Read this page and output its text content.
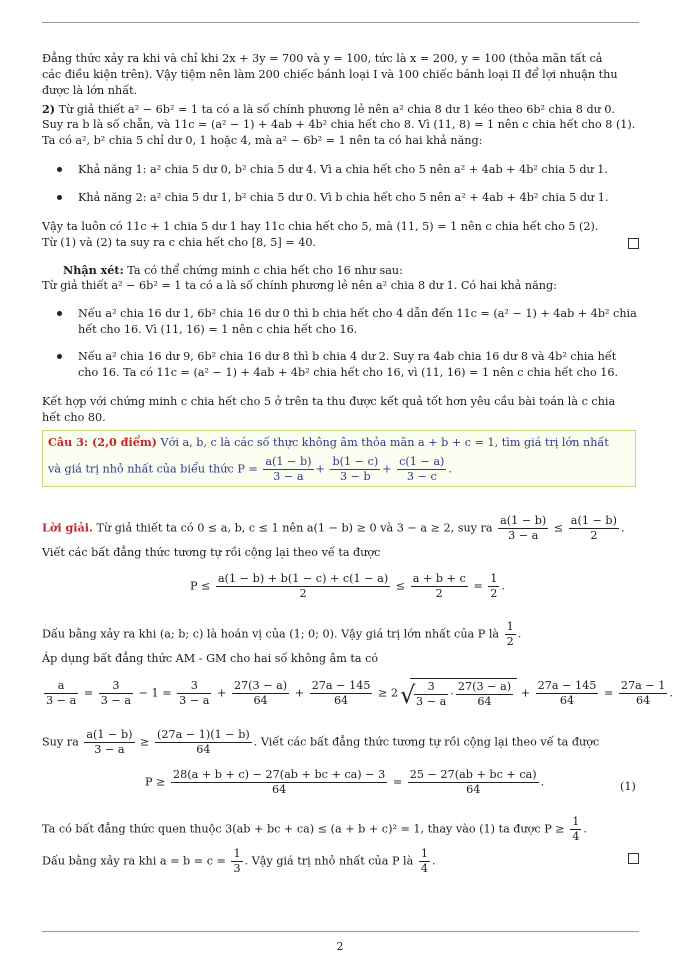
Đẳng thức xảy ra khi và chỉ khi 2x + 3y = 700 và y = 100, tức là x = 200, y = 100 (thỏa mãn tất cả
các điều kiện trên). Vậy tiệm nên làm 200 chiếc bánh loại I và 100 chiếc bánh loại II để lợi nhuận thu
được là lớn nhất.
2) Từ giả thiết a² − 6b² = 1 ta có a là số chính phương lẻ nên a² chia 8 dư 1 kéo theo 6b² chia 8 dư 0.
Suy ra b là số chẵn, và 11c = (a² − 1) + 4ab + 4b² chia hết cho 8. Vì (11, 8) = 1 nên c chia hết cho 8 (1).
Ta có a², b² chia 5 chỉ dư 0, 1 hoặc 4, mà a² − 6b² = 1 nên ta có hai khả năng:
Khả năng 1: a² chia 5 dư 0, b² chia 5 dư 4. Vì a chia hết cho 5 nên a² + 4ab + 4b² chia 5 dư 1.
Khả năng 2: a² chia 5 dư 1, b² chia 5 dư 0. Vì b chia hết cho 5 nên a² + 4ab + 4b² chia 5 dư 1.
Vậy ta luôn có 11c + 1 chia 5 dư 1 hay 11c chia hết cho 5, mà (11, 5) = 1 nên c chia hết cho 5 (2).
Từ (1) và (2) ta suy ra c chia hết cho [8, 5] = 40.
Nhận xét: Ta có thể chứng minh c chia hết cho 16 như sau:
Từ giả thiết a² − 6b² = 1 ta có a là số chính phương lẻ nên a² chia 8 dư 1. Có hai khả năng:
Nếu a² chia 16 dư 1, 6b² chia 16 dư 0 thì b chia hết cho 4 dẫn đến 11c = (a² − 1) + 4ab + 4b² chia
hết cho 16. Vì (11, 16) = 1 nên c chia hết cho 16.
Nếu a² chia 16 dư 9, 6b² chia 16 dư 8 thì b chia 4 dư 2. Suy ra 4ab chia 16 dư 8 và 4b² chia hết
cho 16. Ta có 11c = (a² − 1) + 4ab + 4b² chia hết cho 16, vì (11, 16) = 1 nên c chia hết cho 16.
Kết hợp với chứng minh c chia hết cho 5 ở trên ta thu được kết quả tốt hơn yêu cầu bài toán là c chia
hết cho 80.
Câu 3: (2,0 điểm) Với a, b, c là các số thực không âm thỏa mãn a + b + c = 1, tìm giá trị lớn nhất
và giá trị nhỏ nhất của biểu thức $P = \frac{a(1 - b)}{3 - a} + \frac{b(1 - c)}{3 - b} + \frac{c(1 - a)}{3 - c}$ .
Lời giải. Từ giả thiết ta có 0 ≤ a, b, c ≤ 1 nên a(1 − b) ≥ 0 và 3 − a ≥ 2, suy ra $\frac{a(1 - b)}{3 - a} \le \frac{a(1 - b)}{2}$ .
Viết các bất đẳng thức tương tự rồi cộng lại theo vế ta được
$P \le \frac{a(1 - b) + b(1 - c) + c(1 - a)}{2} \le \frac{a + b + c}{2} = \frac{1}{2}$ .
Dấu bằng xảy ra khi (a; b; c) là hoán vị của (1; 0; 0). Vậy giá trị lớn nhất của P là $\frac{1}{2}$ .
Áp dụng bất đẳng thức AM - GM cho hai số không âm ta có
$\frac{a}{3 - a} = \frac{3}{3 - a} - 1 = \frac{3}{3 - a} + \frac{27(3 - a)}{64} + \frac{27a - 145}{64} \ge 2$ √
$\frac{3}{3 - a} \cdot \frac{27(3 - a)}{64} + \frac{27a - 145}{64} = \frac{27a - 1}{64}$ .
Suy ra $\frac{a(1 - b)}{3 - a} \ge \frac{(27a - 1)(1 - b)}{64}$ . Viết các bất đẳng thức tương tự rồi cộng lại theo vế ta được
$P \ge \frac{28(a + b + c) - 27(ab + bc + ca) - 3}{64} = \frac{25 - 27(ab + bc + ca)}{64}$ .	(1)
Ta có bất đẳng thức quen thuộc 3(ab + bc + ca) ≤ (a + b + c)² = 1, thay vào (1) ta được $P \ge \frac{1}{4}$ .
Dấu bằng xảy ra khi $a = b = c = \frac{1}{3}$ . Vậy giá trị nhỏ nhất của P là $\frac{1}{4}$ .
2
